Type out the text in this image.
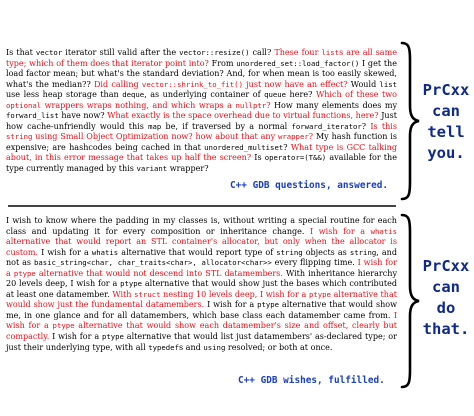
Is that vector iterator still valid after the vector::resize() call? These four lists are all same type; which of them does that iterator point into? From unordered_set::load_factor() I get the load factor mean; but what's the standard deviation? And, for when mean is too easily skewed, what's the median?? Did calling vector::shrink_to_fit() just now have an effect? Would list use less heap storage than deque, as underlying container of queue here? Which of these two optional wrappers wraps nothing, and which wraps a nullptr? How many elements does my forward_list have now? What exactly is the space overhead due to virtual functions, here? Just how cache-unfriendly would this map be, if traversed by a normal forward_iterator? Is this string using Small Object Optimization now? how about that any wrapper? My hash function is expensive; are hashcodes being cached in that unordered_multiset? What type is GCC talking about, in this error message that takes up half the screen? Is operator=(T&&) available for the type currently managed by this variant wrapper?

C++ GDB questions, answered.

I wish to know where the padding in my classes is, without writing a special routine for each class and updating it for every composition or inheritance change. I wish for a whatis alternative that would report an STL container's allocator, but only when the allocator is custom. I wish for a whatis alternative that would report type of string objects as string, and not as basic_string<char, char_traits<char>, allocator<char>> every flipping time. I wish for a ptype alternative that would not descend into STL datamembers. With inheritance hierarchy 20 levels deep, I wish for a ptype alternative that would show just the bases which contributed at least one datamember. With struct nesting 10 levels deep, I wish for a ptype alternative that would show just the fundamental datamembers. I wish for a ptype alternative that would show me, in one glance and for all datamembers, which base class each datamember came from. I wish for a ptype alternative that would show each datamember's size and offset, clearly but compactly. I wish for a ptype alternative that would list just datamembers' as-declared type; or just their underlying type, with all typedefs and using resolved; or both at once.

C++ GDB wishes, fulfilled.
PrCxx
can
tell
you.
PrCxx
can
do
that.
